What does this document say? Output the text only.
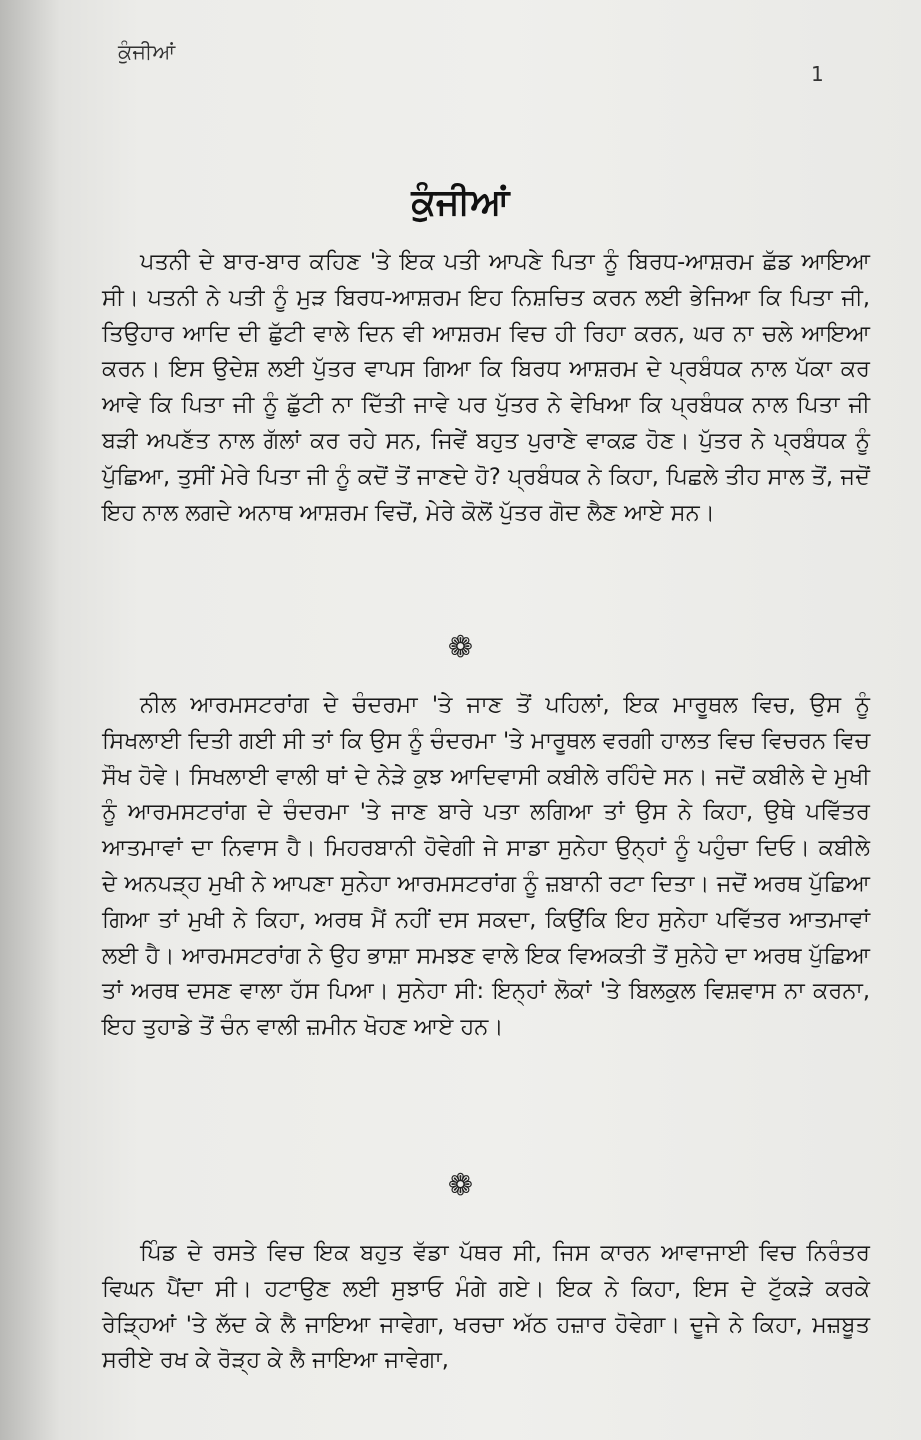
ਕੁੰਜੀਆਂ
1
ਕੁੰਜੀਆਂ
ਪਤਨੀ ਦੇ ਬਾਰ-ਬਾਰ ਕਹਿਣ 'ਤੇ ਇਕ ਪਤੀ ਆਪਣੇ ਪਿਤਾ ਨੂੰ ਬਿਰਧ-ਆਸ਼ਰਮ ਛੱਡ ਆਇਆ ਸੀ। ਪਤਨੀ ਨੇ ਪਤੀ ਨੂੰ ਮੁੜ ਬਿਰਧ-ਆਸ਼ਰਮ ਇਹ ਨਿਸ਼ਚਿਤ ਕਰਨ ਲਈ ਭੇਜਿਆ ਕਿ ਪਿਤਾ ਜੀ, ਤਿਉਹਾਰ ਆਦਿ ਦੀ ਛੁੱਟੀ ਵਾਲੇ ਦਿਨ ਵੀ ਆਸ਼ਰਮ ਵਿਚ ਹੀ ਰਿਹਾ ਕਰਨ, ਘਰ ਨਾ ਚਲੇ ਆਇਆ ਕਰਨ। ਇਸ ਉਦੇਸ਼ ਲਈ ਪੁੱਤਰ ਵਾਪਸ ਗਿਆ ਕਿ ਬਿਰਧ ਆਸ਼ਰਮ ਦੇ ਪ੍ਰਬੰਧਕ ਨਾਲ ਪੱਕਾ ਕਰ ਆਵੇ ਕਿ ਪਿਤਾ ਜੀ ਨੂੰ ਛੁੱਟੀ ਨਾ ਦਿੱਤੀ ਜਾਵੇ ਪਰ ਪੁੱਤਰ ਨੇ ਵੇਖਿਆ ਕਿ ਪ੍ਰਬੰਧਕ ਨਾਲ ਪਿਤਾ ਜੀ ਬੜੀ ਅਪਣੱਤ ਨਾਲ ਗੱਲਾਂ ਕਰ ਰਹੇ ਸਨ, ਜਿਵੇਂ ਬਹੁਤ ਪੁਰਾਣੇ ਵਾਕਫ਼ ਹੋਣ। ਪੁੱਤਰ ਨੇ ਪ੍ਰਬੰਧਕ ਨੂੰ ਪੁੱਛਿਆ, ਤੁਸੀਂ ਮੇਰੇ ਪਿਤਾ ਜੀ ਨੂੰ ਕਦੋਂ ਤੋਂ ਜਾਣਦੇ ਹੋ? ਪ੍ਰਬੰਧਕ ਨੇ ਕਿਹਾ, ਪਿਛਲੇ ਤੀਹ ਸਾਲ ਤੋਂ, ਜਦੋਂ ਇਹ ਨਾਲ ਲਗਦੇ ਅਨਾਥ ਆਸ਼ਰਮ ਵਿਚੋਂ, ਮੇਰੇ ਕੋਲੋਂ ਪੁੱਤਰ ਗੋਦ ਲੈਣ ਆਏ ਸਨ।
❁
ਨੀਲ ਆਰਮਸਟਰਾਂਗ ਦੇ ਚੰਦਰਮਾ 'ਤੇ ਜਾਣ ਤੋਂ ਪਹਿਲਾਂ, ਇਕ ਮਾਰੂਥਲ ਵਿਚ, ਉਸ ਨੂੰ ਸਿਖਲਾਈ ਦਿਤੀ ਗਈ ਸੀ ਤਾਂ ਕਿ ਉਸ ਨੂੰ ਚੰਦਰਮਾ 'ਤੇ ਮਾਰੂਥਲ ਵਰਗੀ ਹਾਲਤ ਵਿਚ ਵਿਚਰਨ ਵਿਚ ਸੌਖ ਹੋਵੇ। ਸਿਖਲਾਈ ਵਾਲੀ ਥਾਂ ਦੇ ਨੇੜੇ ਕੁਝ ਆਦਿਵਾਸੀ ਕਬੀਲੇ ਰਹਿੰਦੇ ਸਨ। ਜਦੋਂ ਕਬੀਲੇ ਦੇ ਮੁਖੀ ਨੂੰ ਆਰਮਸਟਰਾਂਗ ਦੇ ਚੰਦਰਮਾ 'ਤੇ ਜਾਣ ਬਾਰੇ ਪਤਾ ਲਗਿਆ ਤਾਂ ਉਸ ਨੇ ਕਿਹਾ, ਉਥੇ ਪਵਿੱਤਰ ਆਤਮਾਵਾਂ ਦਾ ਨਿਵਾਸ ਹੈ। ਮਿਹਰਬਾਨੀ ਹੋਵੇਗੀ ਜੇ ਸਾਡਾ ਸੁਨੇਹਾ ਉਨ੍ਹਾਂ ਨੂੰ ਪਹੁੰਚਾ ਦਿਓ। ਕਬੀਲੇ ਦੇ ਅਨਪੜ੍ਹ ਮੁਖੀ ਨੇ ਆਪਣਾ ਸੁਨੇਹਾ ਆਰਮਸਟਰਾਂਗ ਨੂੰ ਜ਼ਬਾਨੀ ਰਟਾ ਦਿਤਾ। ਜਦੋਂ ਅਰਥ ਪੁੱਛਿਆ ਗਿਆ ਤਾਂ ਮੁਖੀ ਨੇ ਕਿਹਾ, ਅਰਥ ਮੈਂ ਨਹੀਂ ਦਸ ਸਕਦਾ, ਕਿਉਂਕਿ ਇਹ ਸੁਨੇਹਾ ਪਵਿੱਤਰ ਆਤਮਾਵਾਂ ਲਈ ਹੈ। ਆਰਮਸਟਰਾਂਗ ਨੇ ਉਹ ਭਾਸ਼ਾ ਸਮਝਣ ਵਾਲੇ ਇਕ ਵਿਅਕਤੀ ਤੋਂ ਸੁਨੇਹੇ ਦਾ ਅਰਥ ਪੁੱਛਿਆ ਤਾਂ ਅਰਥ ਦਸਣ ਵਾਲਾ ਹੱਸ ਪਿਆ। ਸੁਨੇਹਾ ਸੀ: ਇਨ੍ਹਾਂ ਲੋਕਾਂ 'ਤੇ ਬਿਲਕੁਲ ਵਿਸ਼ਵਾਸ ਨਾ ਕਰਨਾ, ਇਹ ਤੁਹਾਡੇ ਤੋਂ ਚੰਨ ਵਾਲੀ ਜ਼ਮੀਨ ਖੋਹਣ ਆਏ ਹਨ।
❁
ਪਿੰਡ ਦੇ ਰਸਤੇ ਵਿਚ ਇਕ ਬਹੁਤ ਵੱਡਾ ਪੱਥਰ ਸੀ, ਜਿਸ ਕਾਰਨ ਆਵਾਜਾਈ ਵਿਚ ਨਿਰੰਤਰ ਵਿਘਨ ਪੈਂਦਾ ਸੀ। ਹਟਾਉਣ ਲਈ ਸੁਝਾਓ ਮੰਗੇ ਗਏ। ਇਕ ਨੇ ਕਿਹਾ, ਇਸ ਦੇ ਟੁੱਕੜੇ ਕਰਕੇ ਰੇੜ੍ਹਿਆਂ 'ਤੇ ਲੱਦ ਕੇ ਲੈ ਜਾਇਆ ਜਾਵੇਗਾ, ਖਰਚਾ ਅੱਠ ਹਜ਼ਾਰ ਹੋਵੇਗਾ। ਦੂਜੇ ਨੇ ਕਿਹਾ, ਮਜ਼ਬੂਤ ਸਰੀਏ ਰਖ ਕੇ ਰੋੜ੍ਹ ਕੇ ਲੈ ਜਾਇਆ ਜਾਵੇਗਾ,
